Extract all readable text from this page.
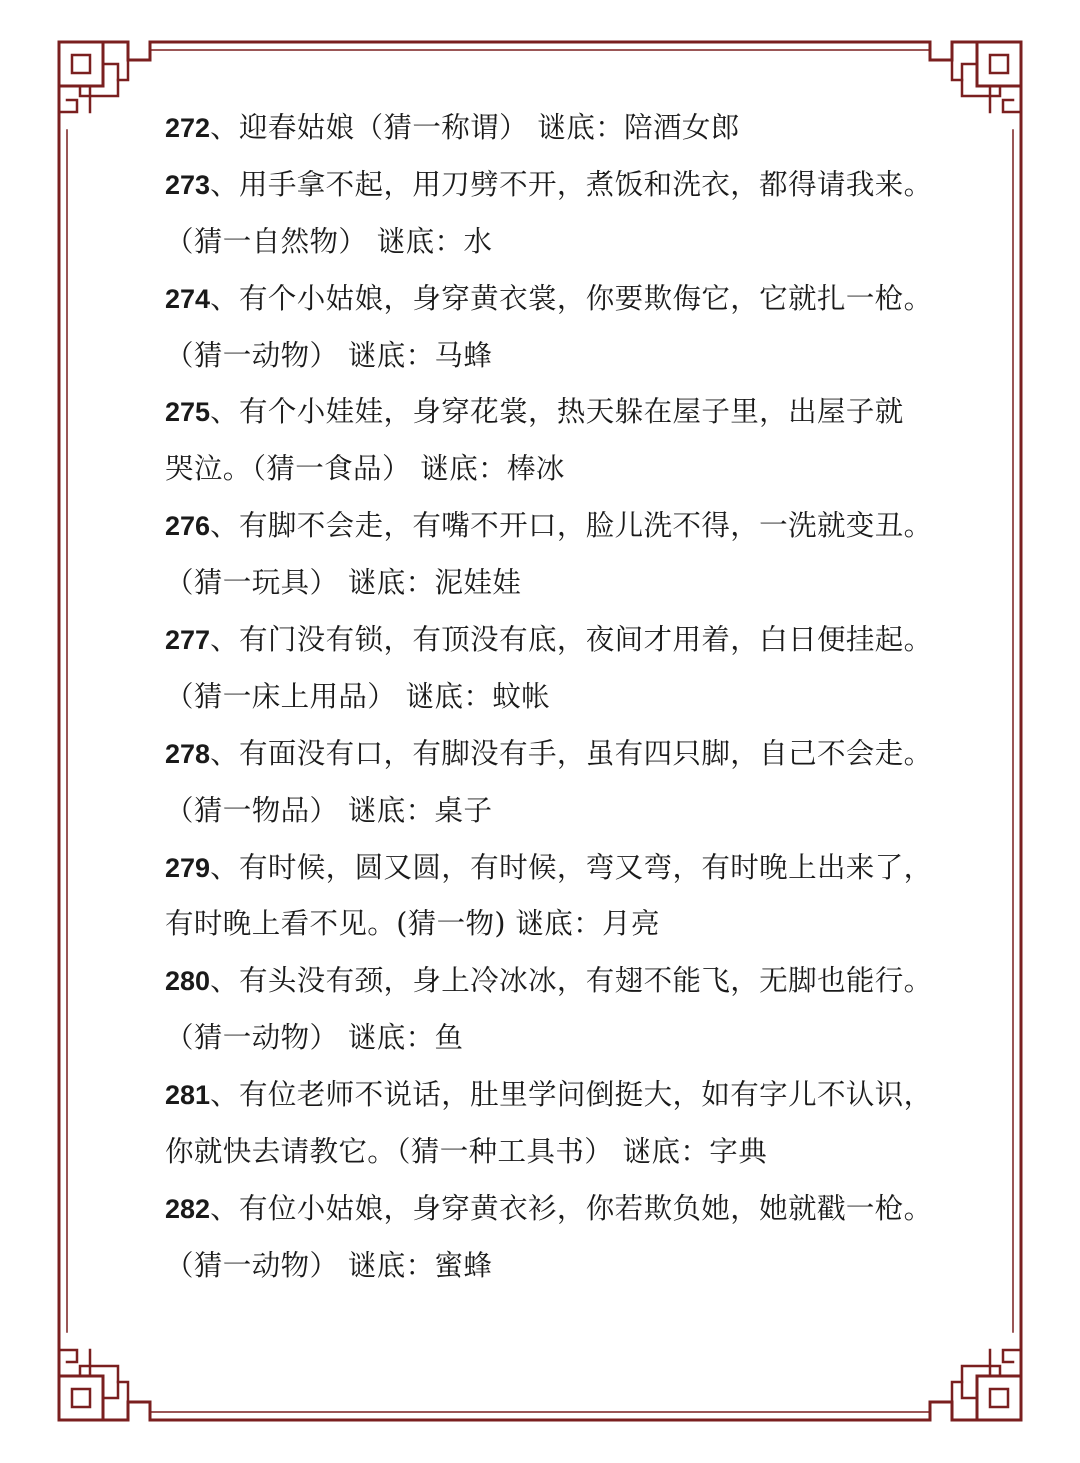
272、迎春姑娘（猜一称谓） 谜底：陪酒女郎
273、用手拿不起，用刀劈不开，煮饭和洗衣，都得请我来。
（猜一自然物） 谜底：水
274、有个小姑娘，身穿黄衣裳，你要欺侮它，它就扎一枪。
（猜一动物） 谜底：马蜂
275、有个小娃娃，身穿花裳，热天躲在屋子里，出屋子就
哭泣。（猜一食品） 谜底：棒冰
276、有脚不会走，有嘴不开口，脸儿洗不得，一洗就变丑。
（猜一玩具） 谜底：泥娃娃
277、有门没有锁，有顶没有底，夜间才用着，白日便挂起。
（猜一床上用品） 谜底：蚊帐
278、有面没有口，有脚没有手，虽有四只脚，自己不会走。
（猜一物品） 谜底：桌子
279、有时候，圆又圆，有时候，弯又弯，有时晚上出来了，
有时晚上看不见。(猜一物) 谜底：月亮
280、有头没有颈，身上冷冰冰，有翅不能飞，无脚也能行。
（猜一动物） 谜底：鱼
281、有位老师不说话，肚里学问倒挺大，如有字儿不认识，
你就快去请教它。（猜一种工具书） 谜底：字典
282、有位小姑娘，身穿黄衣衫，你若欺负她，她就戳一枪。
（猜一动物） 谜底：蜜蜂
